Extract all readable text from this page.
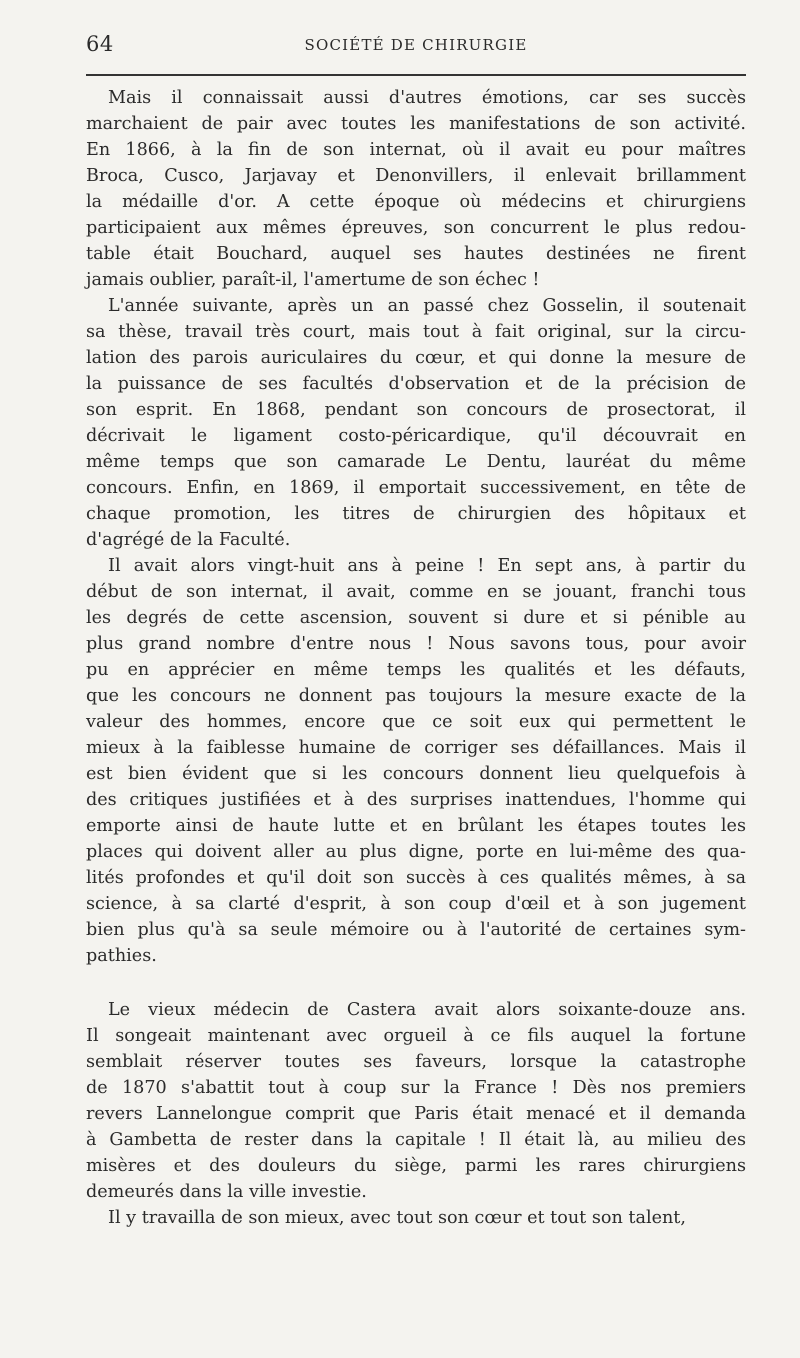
64	SOCIÉTÉ DE CHIRURGIE
Mais il connaissait aussi d'autres émotions, car ses succès
marchaient de pair avec toutes les manifestations de son activité.
En 1866, à la fin de son internat, où il avait eu pour maîtres
Broca, Cusco, Jarjavay et Denonvillers, il enlevait brillamment
la médaille d'or. A cette époque où médecins et chirurgiens
participaient aux mêmes épreuves, son concurrent le plus redou-
table était Bouchard, auquel ses hautes destinées ne firent
jamais oublier, paraît-il, l'amertume de son échec !
L'année suivante, après un an passé chez Gosselin, il soutenait
sa thèse, travail très court, mais tout à fait original, sur la circu-
lation des parois auriculaires du cœur, et qui donne la mesure de
la puissance de ses facultés d'observation et de la précision de
son esprit. En 1868, pendant son concours de prosectorat, il
décrivait le ligament costo-péricardique, qu'il découvrait en
même temps que son camarade Le Dentu, lauréat du même
concours. Enfin, en 1869, il emportait successivement, en tête de
chaque promotion, les titres de chirurgien des hôpitaux et
d'agrégé de la Faculté.
Il avait alors vingt-huit ans à peine ! En sept ans, à partir du
début de son internat, il avait, comme en se jouant, franchi tous
les degrés de cette ascension, souvent si dure et si pénible au
plus grand nombre d'entre nous ! Nous savons tous, pour avoir
pu en apprécier en même temps les qualités et les défauts,
que les concours ne donnent pas toujours la mesure exacte de la
valeur des hommes, encore que ce soit eux qui permettent le
mieux à la faiblesse humaine de corriger ses défaillances. Mais il
est bien évident que si les concours donnent lieu quelquefois à
des critiques justifiées et à des surprises inattendues, l'homme qui
emporte ainsi de haute lutte et en brûlant les étapes toutes les
places qui doivent aller au plus digne, porte en lui-même des qua-
lités profondes et qu'il doit son succès à ces qualités mêmes, à sa
science, à sa clarté d'esprit, à son coup d'œil et à son jugement
bien plus qu'à sa seule mémoire ou à l'autorité de certaines sym-
pathies.
Le vieux médecin de Castera avait alors soixante-douze ans.
Il songeait maintenant avec orgueil à ce fils auquel la fortune
semblait réserver toutes ses faveurs, lorsque la catastrophe
de 1870 s'abattit tout à coup sur la France ! Dès nos premiers
revers Lannelongue comprit que Paris était menacé et il demanda
à Gambetta de rester dans la capitale ! Il était là, au milieu des
misères et des douleurs du siège, parmi les rares chirurgiens
demeurés dans la ville investie.
Il y travailla de son mieux, avec tout son cœur et tout son talent,
